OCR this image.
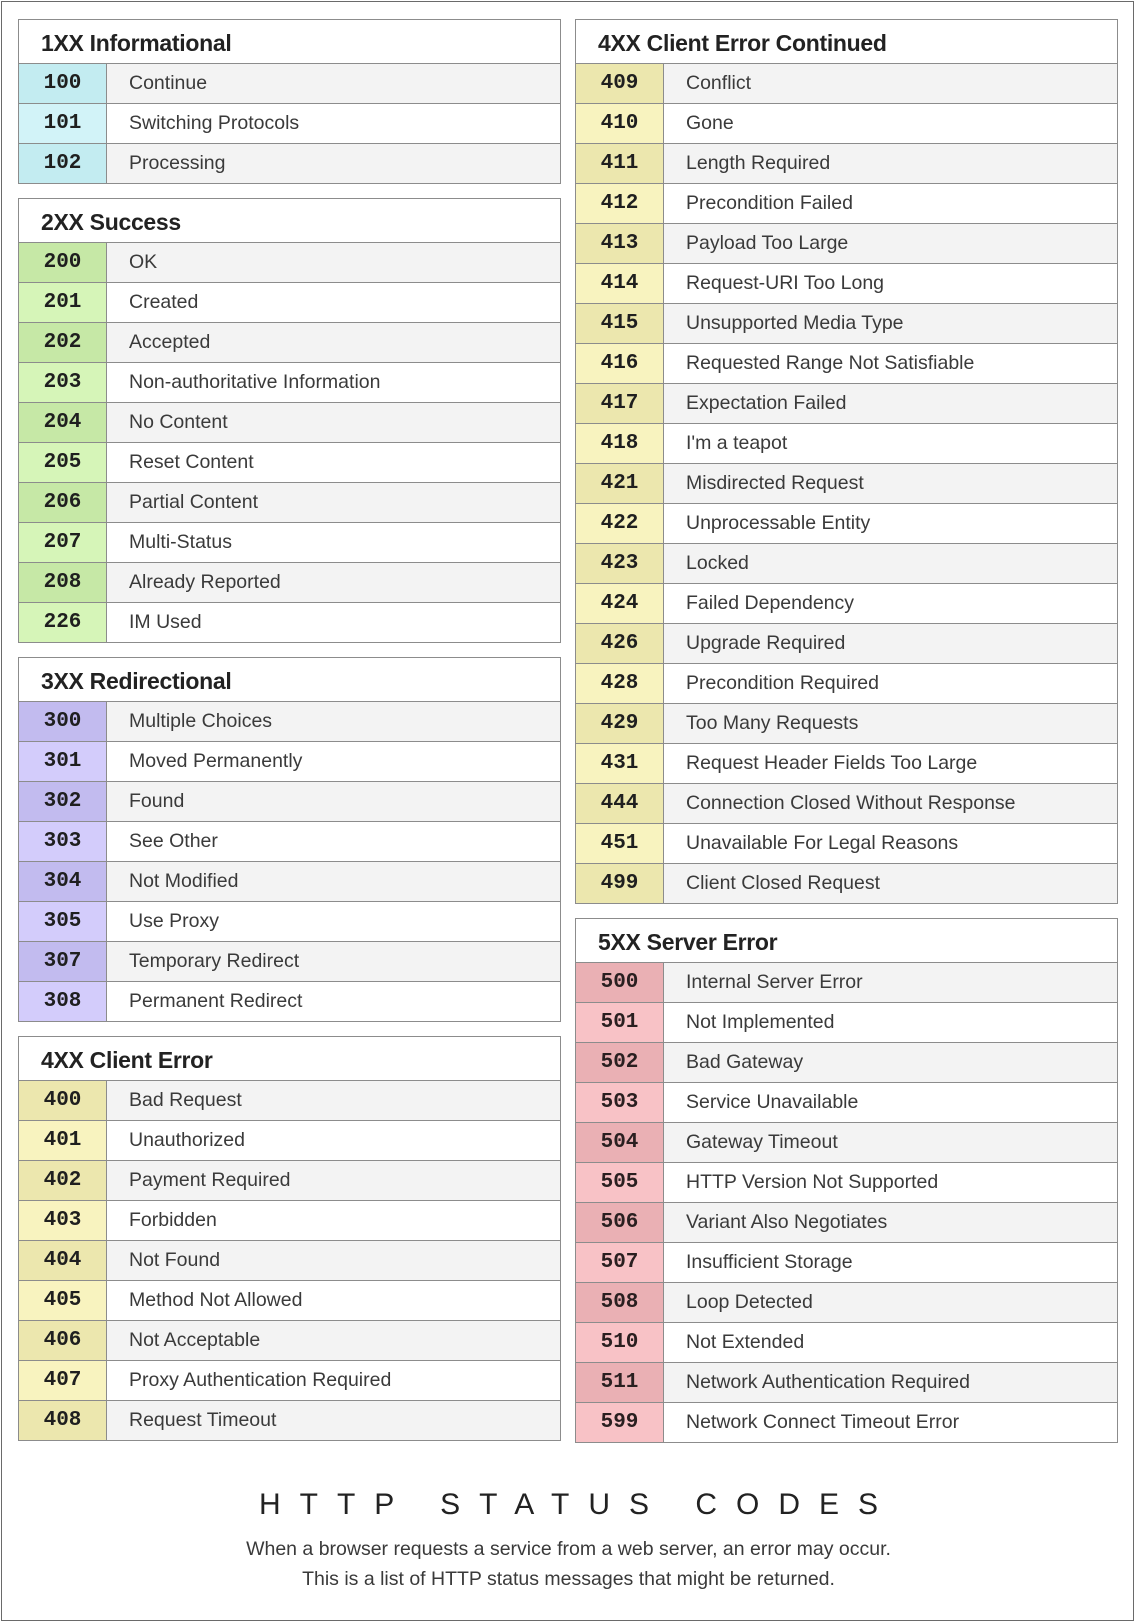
1XX Informational
100	Continue
101	Switching Protocols
102	Processing
2XX Success
200	OK
201	Created
202	Accepted
203	Non-authoritative Information
204	No Content
205	Reset Content
206	Partial Content
207	Multi-Status
208	Already Reported
226	IM Used
3XX Redirectional
300	Multiple Choices
301	Moved Permanently
302	Found
303	See Other
304	Not Modified
305	Use Proxy
307	Temporary Redirect
308	Permanent Redirect
4XX Client Error
400	Bad Request
401	Unauthorized
402	Payment Required
403	Forbidden
404	Not Found
405	Method Not Allowed
406	Not Acceptable
407	Proxy Authentication Required
408	Request Timeout
4XX Client Error Continued
409	Conflict
410	Gone
411	Length Required
412	Precondition Failed
413	Payload Too Large
414	Request-URI Too Long
415	Unsupported Media Type
416	Requested Range Not Satisfiable
417	Expectation Failed
418	I'm a teapot
421	Misdirected Request
422	Unprocessable Entity
423	Locked
424	Failed Dependency
426	Upgrade Required
428	Precondition Required
429	Too Many Requests
431	Request Header Fields Too Large
444	Connection Closed Without Response
451	Unavailable For Legal Reasons
499	Client Closed Request
5XX Server Error
500	Internal Server Error
501	Not Implemented
502	Bad Gateway
503	Service Unavailable
504	Gateway Timeout
505	HTTP Version Not Supported
506	Variant Also Negotiates
507	Insufficient Storage
508	Loop Detected
510	Not Extended
511	Network Authentication Required
599	Network Connect Timeout Error
HTTP STATUS CODES
When a browser requests a service from a web server, an error may occur.
This is a list of HTTP status messages that might be returned.
